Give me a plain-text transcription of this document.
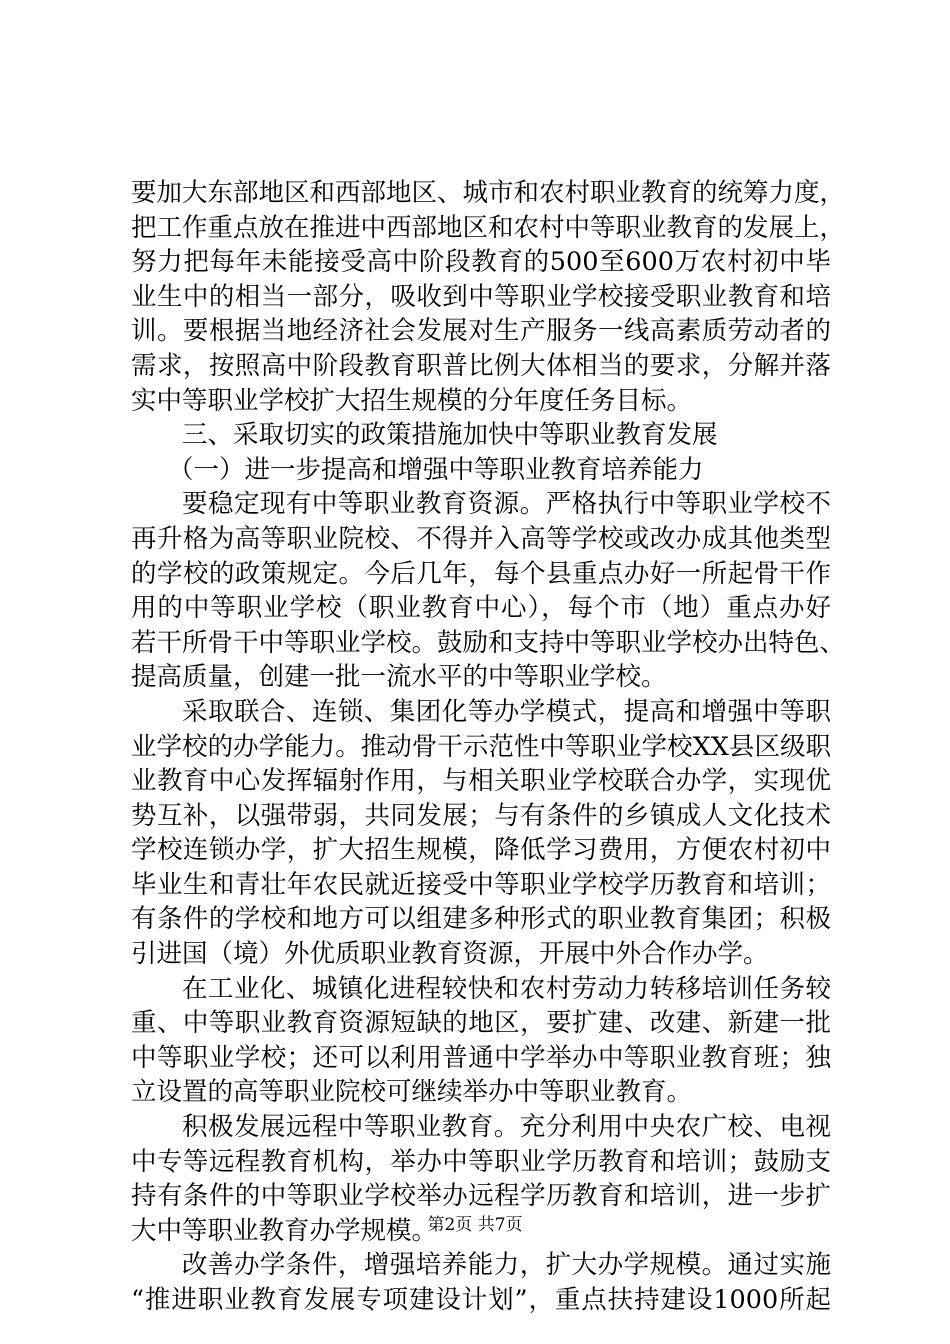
要加大东部地区和西部地区、城市和农村职业教育的统筹力度，
把工作重点放在推进中西部地区和农村中等职业教育的发展上，
努力把每年未能接受高中阶段教育的500至600万农村初中毕
业生中的相当一部分，吸收到中等职业学校接受职业教育和培
训。要根据当地经济社会发展对生产服务一线高素质劳动者的
需求，按照高中阶段教育职普比例大体相当的要求，分解并落
实中等职业学校扩大招生规模的分年度任务目标。
三、采取切实的政策措施加快中等职业教育发展
（一）进一步提高和增强中等职业教育培养能力
要稳定现有中等职业教育资源。严格执行中等职业学校不
再升格为高等职业院校、不得并入高等学校或改办成其他类型
的学校的政策规定。今后几年，每个县重点办好一所起骨干作
用的中等职业学校（职业教育中心），每个市（地）重点办好
若干所骨干中等职业学校。鼓励和支持中等职业学校办出特色、
提高质量，创建一批一流水平的中等职业学校。
采取联合、连锁、集团化等办学模式，提高和增强中等职
业学校的办学能力。推动骨干示范性中等职业学校XX县区级职
业教育中心发挥辐射作用，与相关职业学校联合办学，实现优
势互补，以强带弱，共同发展；与有条件的乡镇成人文化技术
学校连锁办学，扩大招生规模，降低学习费用，方便农村初中
毕业生和青壮年农民就近接受中等职业学校学历教育和培训；
有条件的学校和地方可以组建多种形式的职业教育集团；积极
引进国（境）外优质职业教育资源，开展中外合作办学。
在工业化、城镇化进程较快和农村劳动力转移培训任务较
重、中等职业教育资源短缺的地区，要扩建、改建、新建一批
中等职业学校；还可以利用普通中学举办中等职业教育班；独
立设置的高等职业院校可继续举办中等职业教育。
积极发展远程中等职业教育。充分利用中央农广校、电视
中专等远程教育机构，举办中等职业学历教育和培训；鼓励支
持有条件的中等职业学校举办远程学历教育和培训，进一步扩
大中等职业教育办学规模。
改善办学条件，增强培养能力，扩大办学规模。通过实施
“推进职业教育发展专项建设计划”，重点扶持建设1000所起
第2页 共7页
